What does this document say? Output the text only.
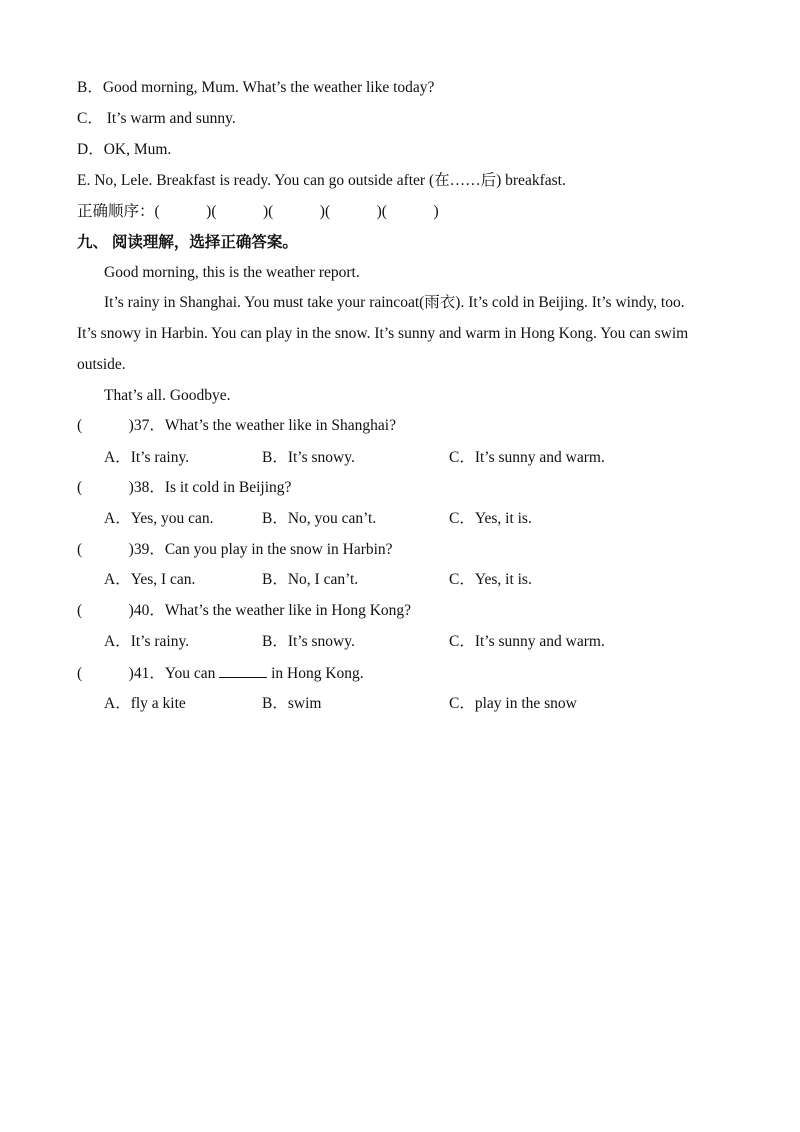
B．Good morning, Mum. What’s the weather like today?
C． It’s warm and sunny.
D．OK, Mum.
E. No, Lele. Breakfast is ready. You can go outside after (在……后) breakfast.
正确顺序：(　　　)(　　　)(　　　)(　　　)(　　　)
九、 阅读理解，选择正确答案。
Good morning, this is the weather report.
It’s rainy in Shanghai. You must take your raincoat(雨衣). It’s cold in Beijing. It’s windy, too.
It’s snowy in Harbin. You can play in the snow. It’s sunny and warm in Hong Kong. You can swim
outside.
That’s all. Goodbye.
(　　　)37．What’s the weather like in Shanghai?
A．It’s rainy.	B．It’s snowy.	C．It’s sunny and warm.
(　　　)38．Is it cold in Beijing?
A．Yes, you can.	B．No, you can’t.	C．Yes, it is.
(　　　)39．Can you play in the snow in Harbin?
A．Yes, I can.	B．No, I can’t.	C．Yes, it is.
(　　　)40．What’s the weather like in Hong Kong?
A．It’s rainy.	B．It’s snowy.	C．It’s sunny and warm.
(　　　)41．You can	in Hong Kong.
A．fly a kite	B．swim	C．play in the snow
